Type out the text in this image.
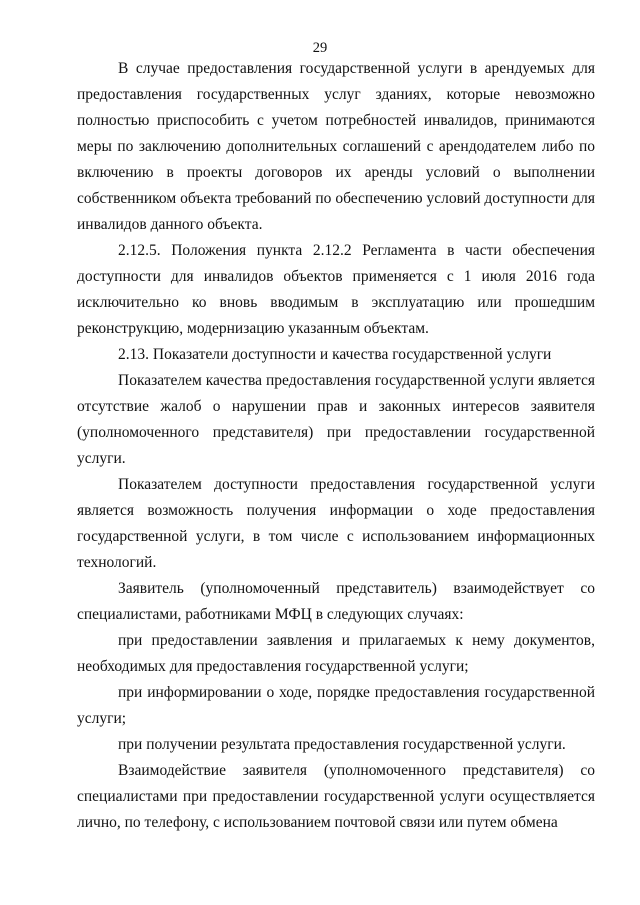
29

В случае предоставления государственной услуги в арендуемых для предоставления государственных услуг зданиях, которые невозможно полностью приспособить с учетом потребностей инвалидов, принимаются меры по заключению дополнительных соглашений с арендодателем либо по включению в проекты договоров их аренды условий о выполнении собственником объекта требований по обеспечению условий доступности для инвалидов данного объекта.

2.12.5. Положения пункта 2.12.2 Регламента в части обеспечения доступности для инвалидов объектов применяется с 1 июля 2016 года исключительно ко вновь вводимым в эксплуатацию или прошедшим реконструкцию, модернизацию указанным объектам.

2.13. Показатели доступности и качества государственной услуги

Показателем качества предоставления государственной услуги является отсутствие жалоб о нарушении прав и законных интересов заявителя (уполномоченного представителя) при предоставлении государственной услуги.

Показателем доступности предоставления государственной услуги является возможность получения информации о ходе предоставления государственной услуги, в том числе с использованием информационных технологий.

Заявитель (уполномоченный представитель) взаимодействует со специалистами, работниками МФЦ в следующих случаях:

при предоставлении заявления и прилагаемых к нему документов, необходимых для предоставления государственной услуги;

при информировании о ходе, порядке предоставления государственной услуги;

при получении результата предоставления государственной услуги.

Взаимодействие заявителя (уполномоченного представителя) со специалистами при предоставлении государственной услуги осуществляется лично, по телефону, с использованием почтовой связи или путем обмена
